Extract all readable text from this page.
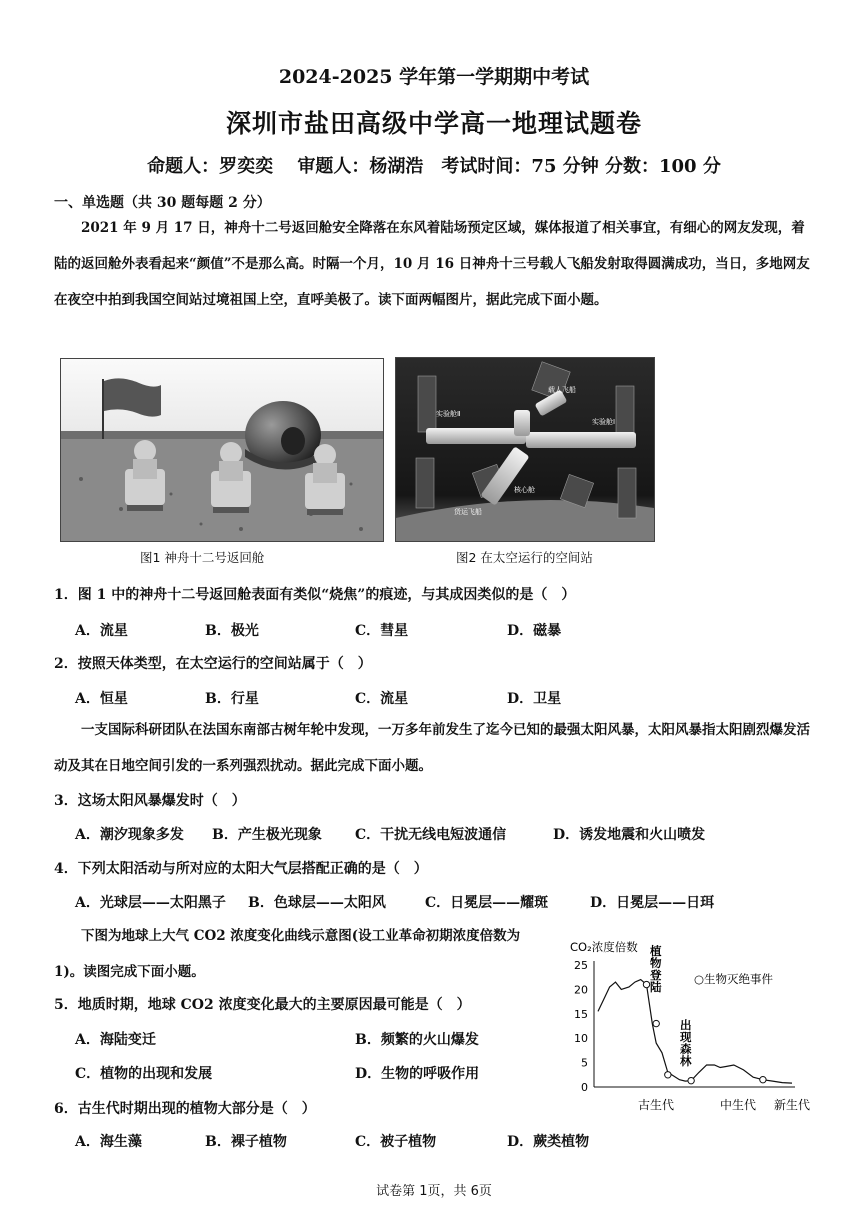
2024-2025 学年第一学期期中考试
深圳市盐田高级中学高一地理试题卷
命题人：罗奕奕　 审题人：杨湖浩　考试时间：75 分钟 分数：100 分
一、单选题（共 30 题每题 2 分）
2021 年 9 月 17 日，神舟十二号返回舱安全降落在东风着陆场预定区域，媒体报道了相关事宜，有细心的网友发现，着陆的返回舱外表看起来“颜值”不是那么高。时隔一个月，10 月 16 日神舟十三号载人飞船发射取得圆满成功，当日，多地网友在夜空中拍到我国空间站过境祖国上空，直呼美极了。读下面两幅图片，据此完成下面小题。
图1 神舟十二号返回舱
实验舱Ⅱ
载人飞船
实验舱Ⅰ
核心舱
货运飞船
图2 在太空运行的空间站
1．图 1 中的神舟十二号返回舱表面有类似“烧焦”的痕迹，与其成因类似的是（　）
A．流星	B．极光	C．彗星	D．磁暴
2．按照天体类型，在太空运行的空间站属于（　）
A．恒星	B．行星	C．流星	D．卫星
一支国际科研团队在法国东南部古树年轮中发现，一万多年前发生了迄今已知的最强太阳风暴，太阳风暴指太阳剧烈爆发活动及其在日地空间引发的一系列强烈扰动。据此完成下面小题。
3．这场太阳风暴爆发时（　）
A．潮汐现象多发 B．产生极光现象 C．干扰无线电短波通信	D．诱发地震和火山喷发
4．下列太阳活动与所对应的太阳大气层搭配正确的是（　）
A．光球层——太阳黑子 B．色球层——太阳风	C．日冕层——耀斑	D．日冕层——日珥
下图为地球上大气 CO2 浓度变化曲线示意图(设工业革命初期浓度倍数为 1)。读图完成下面小题。
CO₂浓度倍数
0
5
10
15
20
25
古生代	中生代 新生代
植物登陆
出现森林
○生物灭绝事件
5．地质时期，地球 CO2 浓度变化最大的主要原因最可能是（　）
A．海陆变迁	B．频繁的火山爆发
C．植物的出现和发展	D．生物的呼吸作用
6．古生代时期出现的植物大部分是（　）
A．海生藻	B．裸子植物	C．被子植物	D．蕨类植物
试卷第 1页，共 6页
